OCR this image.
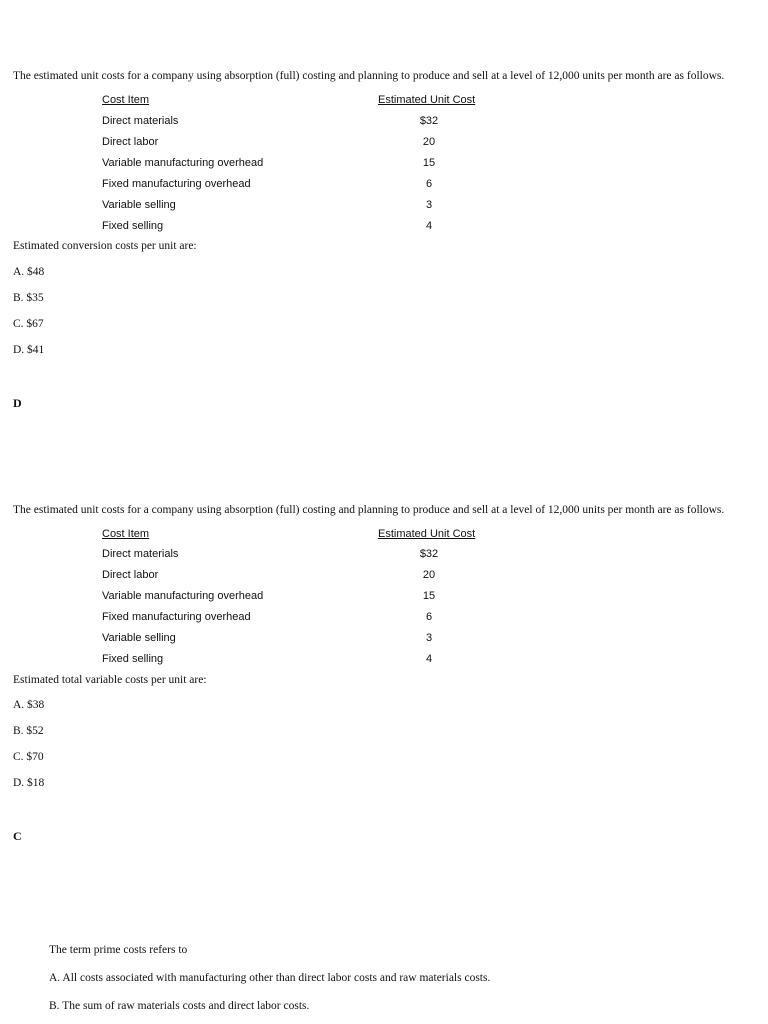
The estimated unit costs for a company using absorption (full) costing and planning to produce and sell at a level of 12,000 units per month are as follows.
Cost Item	Estimated Unit Cost
Direct materials	$32
Direct labor	20
Variable manufacturing overhead	15
Fixed manufacturing overhead	6
Variable selling	3
Fixed selling	4
Estimated conversion costs per unit are:
A. $48
B. $35
C. $67
D. $41
D
The estimated unit costs for a company using absorption (full) costing and planning to produce and sell at a level of 12,000 units per month are as follows.
Cost Item	Estimated Unit Cost
Direct materials	$32
Direct labor	20
Variable manufacturing overhead	15
Fixed manufacturing overhead	6
Variable selling	3
Fixed selling	4
Estimated total variable costs per unit are:
A. $38
B. $52
C. $70
D. $18
C
The term prime costs refers to
A. All costs associated with manufacturing other than direct labor costs and raw materials costs.
B. The sum of raw materials costs and direct labor costs.
